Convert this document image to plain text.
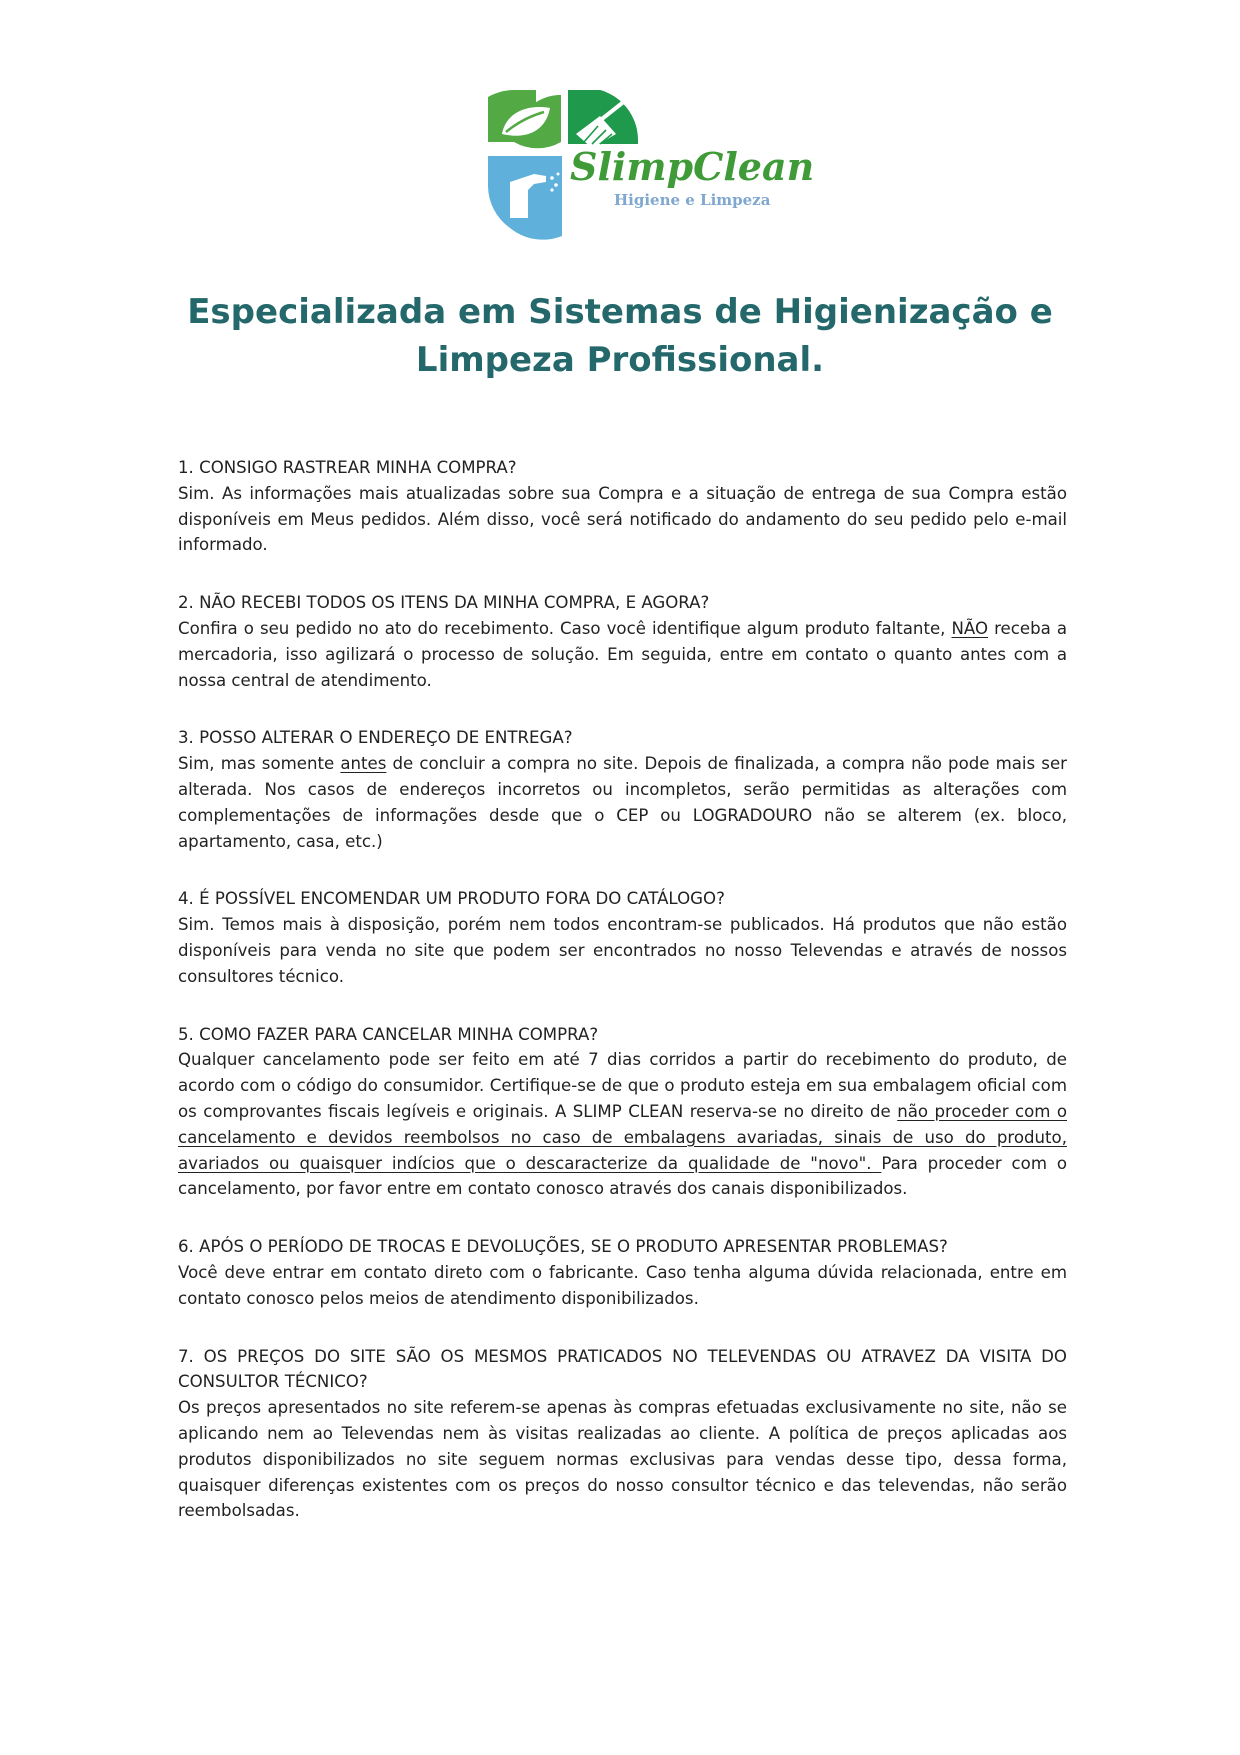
SlimpClean
Higiene e Limpeza
Especializada em Sistemas de Higienização e
Limpeza Profissional.

1. CONSIGO RASTREAR MINHA COMPRA?

Sim. As informações mais atualizadas sobre sua Compra e a situação de entrega de sua Compra estão disponíveis em Meus pedidos. Além disso, você será notificado do andamento do seu pedido pelo e-mail informado.

2. NÃO RECEBI TODOS OS ITENS DA MINHA COMPRA, E AGORA?

Confira o seu pedido no ato do recebimento. Caso você identifique algum produto faltante, NÃO receba a mercadoria, isso agilizará o processo de solução. Em seguida, entre em contato o quanto antes com a nossa central de atendimento.

3. POSSO ALTERAR O ENDEREÇO DE ENTREGA?

Sim, mas somente antes de concluir a compra no site. Depois de finalizada, a compra não pode mais ser alterada. Nos casos de endereços incorretos ou incompletos, serão permitidas as alterações com complementações de informações desde que o CEP ou LOGRADOURO não se alterem (ex. bloco, apartamento, casa, etc.)

4. É POSSÍVEL ENCOMENDAR UM PRODUTO FORA DO CATÁLOGO?

Sim. Temos mais à disposição, porém nem todos encontram-se publicados. Há produtos que não estão disponíveis para venda no site que podem ser encontrados no nosso Televendas e através de nossos consultores técnico.

5. COMO FAZER PARA CANCELAR MINHA COMPRA?

Qualquer cancelamento pode ser feito em até 7 dias corridos a partir do recebimento do produto, de acordo com o código do consumidor. Certifique-se de que o produto esteja em sua embalagem oficial com os comprovantes fiscais legíveis e originais. A SLIMP CLEAN reserva-se no direito de não proceder com o cancelamento e devidos reembolsos no caso de embalagens avariadas, sinais de uso do produto, avariados ou quaisquer indícios que o descaracterize da qualidade de "novo". Para proceder com o cancelamento, por favor entre em contato conosco através dos canais disponibilizados.

6. APÓS O PERÍODO DE TROCAS E DEVOLUÇÕES, SE O PRODUTO APRESENTAR PROBLEMAS?

Você deve entrar em contato direto com o fabricante. Caso tenha alguma dúvida relacionada, entre em contato conosco pelos meios de atendimento disponibilizados.

7. OS PREÇOS DO SITE SÃO OS MESMOS PRATICADOS NO TELEVENDAS OU ATRAVEZ DA VISITA DO CONSULTOR TÉCNICO?

Os preços apresentados no site referem-se apenas às compras efetuadas exclusivamente no site, não se aplicando nem ao Televendas nem às visitas realizadas ao cliente. A política de preços aplicadas aos produtos disponibilizados no site seguem normas exclusivas para vendas desse tipo, dessa forma, quaisquer diferenças existentes com os preços do nosso consultor técnico e das televendas, não serão reembolsadas.
